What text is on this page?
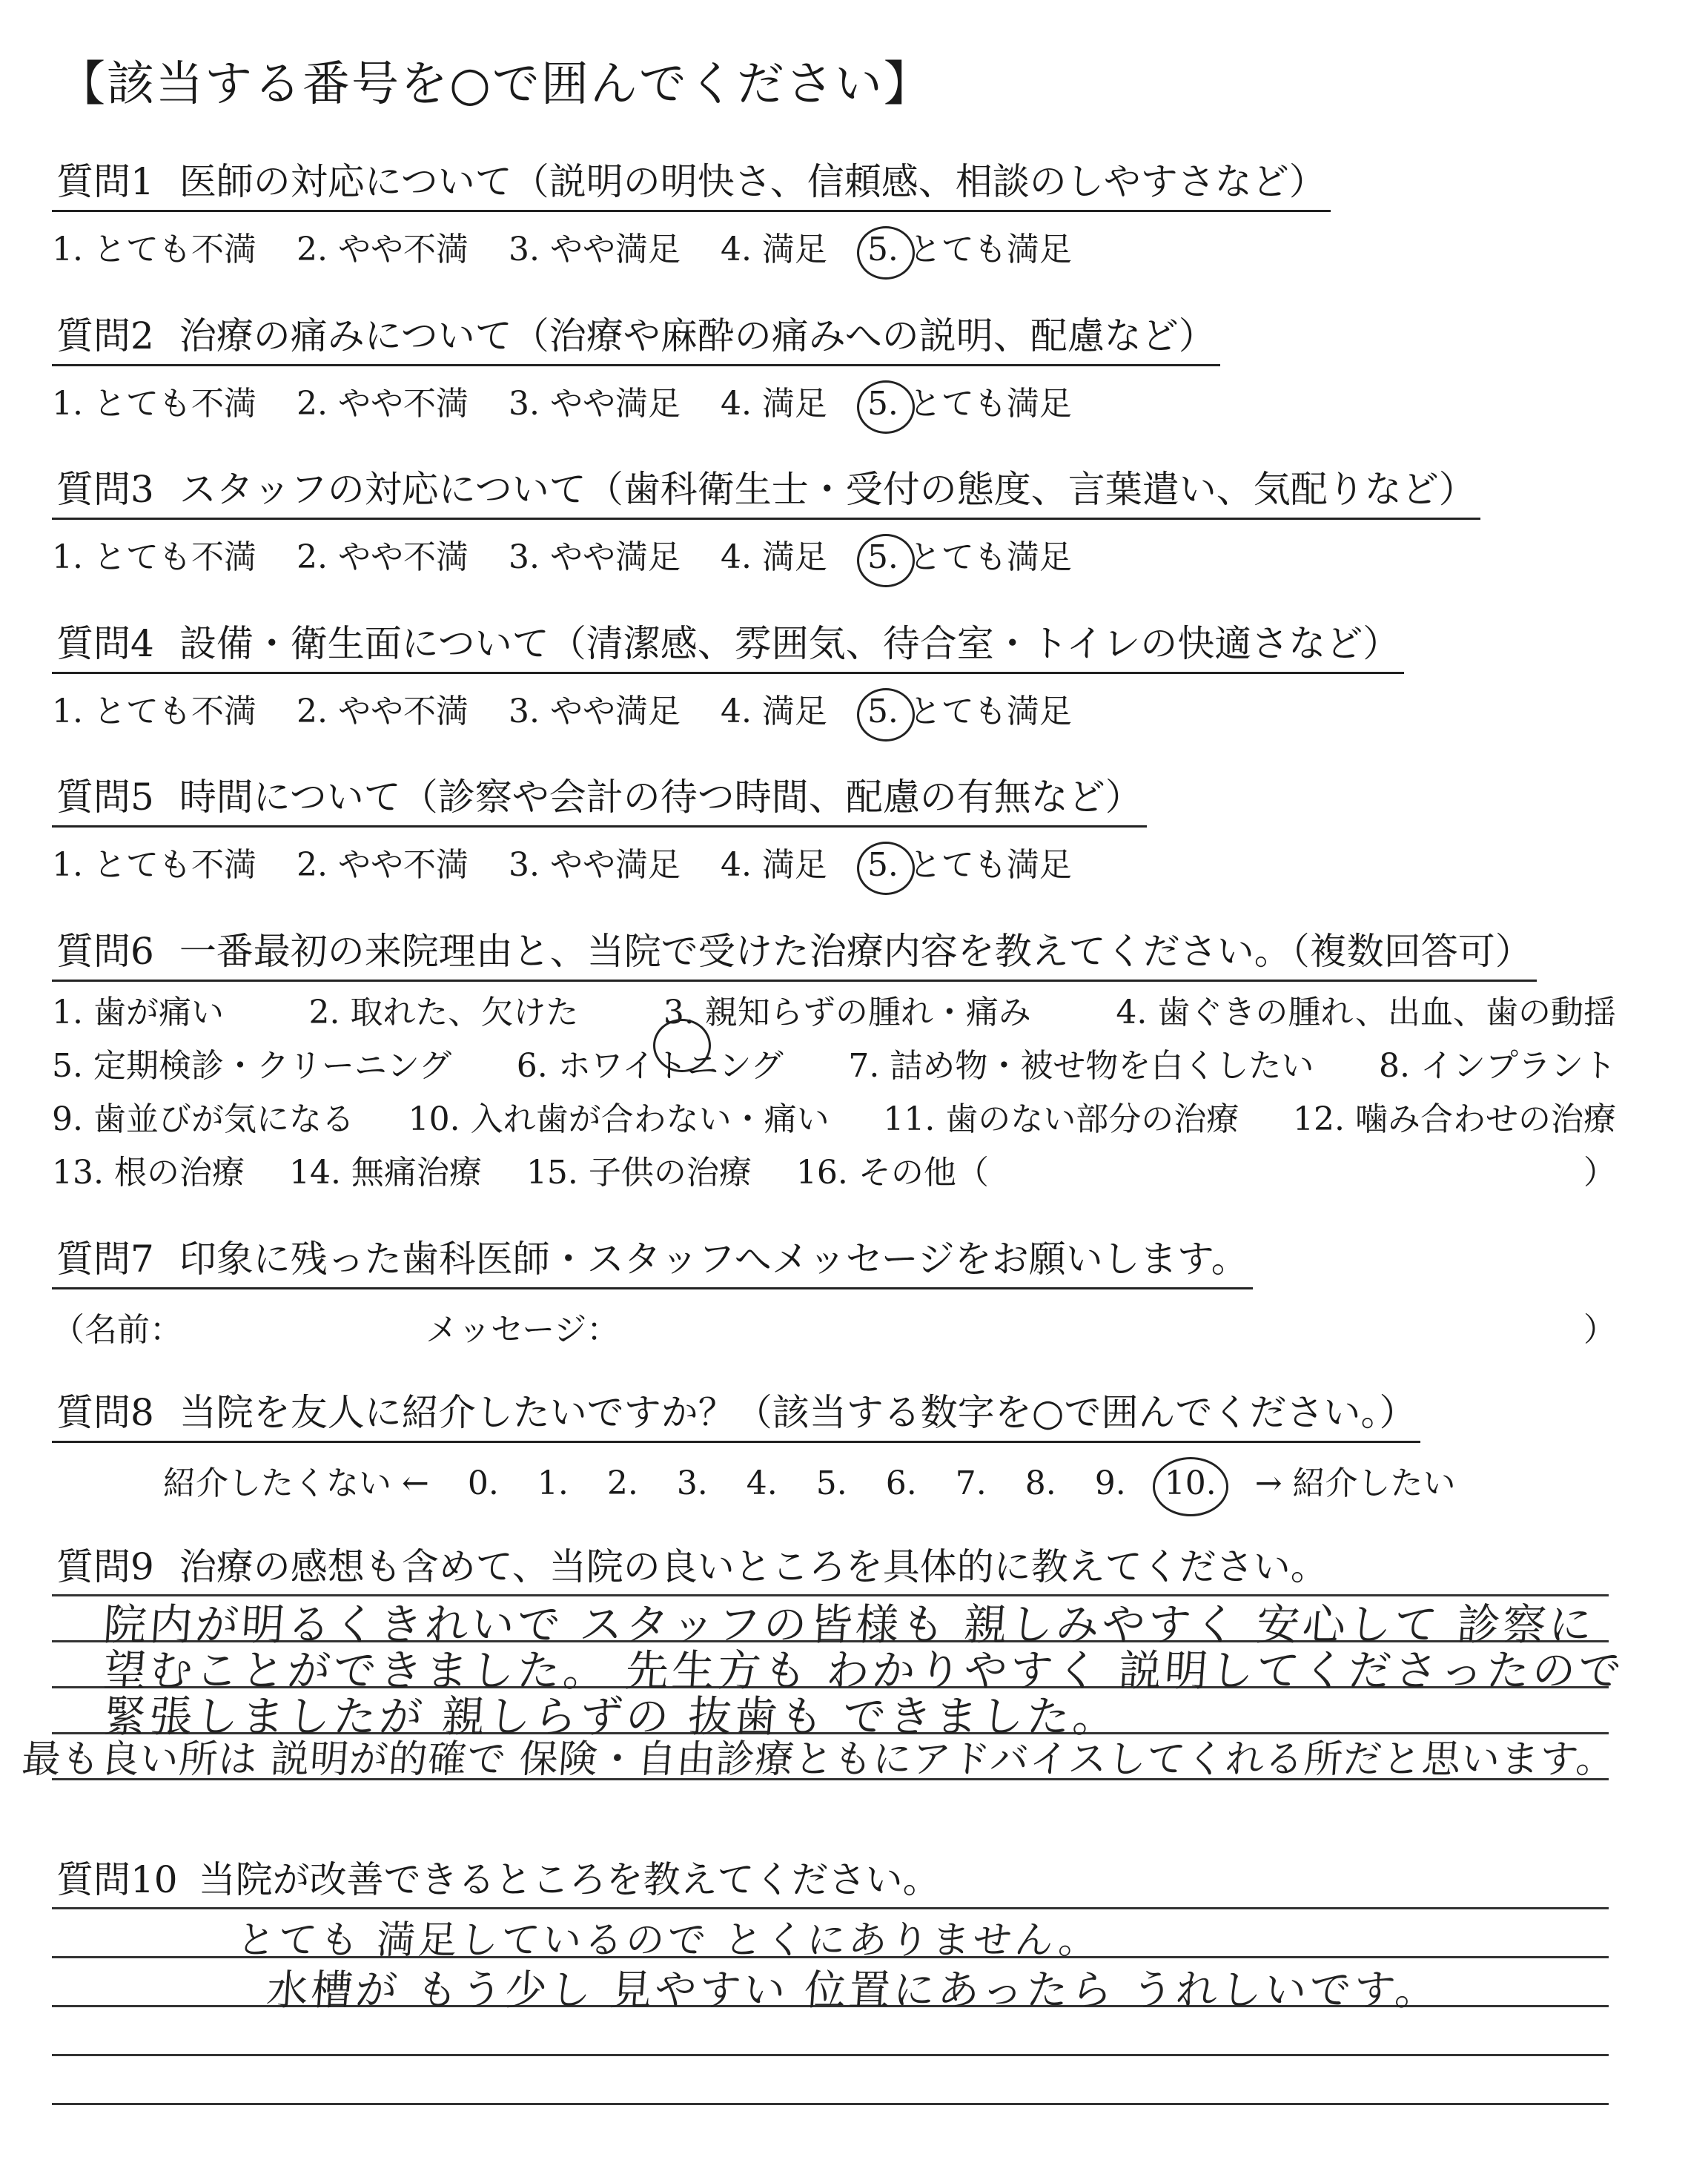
【該当する番号を○で囲んでください】
質問1 医師の対応について（説明の明快さ、信頼感、相談のしやすさなど）
1. とても不満 2. やや不満 3. やや満足 4. 満足 5. とても満足
質問2 治療の痛みについて（治療や麻酔の痛みへの説明、配慮など）
1. とても不満 2. やや不満 3. やや満足 4. 満足 5. とても満足
質問3 スタッフの対応について（歯科衛生士・受付の態度、言葉遣い、気配りなど）
1. とても不満 2. やや不満 3. やや満足 4. 満足 5. とても満足
質問4 設備・衛生面について（清潔感、雰囲気、待合室・トイレの快適さなど）
1. とても不満 2. やや不満 3. やや満足 4. 満足 5. とても満足
質問5 時間について（診察や会計の待つ時間、配慮の有無など）
1. とても不満 2. やや不満 3. やや満足 4. 満足 5. とても満足
質問6 一番最初の来院理由と、当院で受けた治療内容を教えてください。（複数回答可）
1. 歯が痛い	2. 取れた、欠けた	3. 親知らずの腫れ・痛み	4. 歯ぐきの腫れ、出血、歯の動揺
5. 定期検診・クリーニング 6. ホワイトニング 7. 詰め物・被せ物を白くしたい 8. インプラント
9. 歯並びが気になる 10. 入れ歯が合わない・痛い 11. 歯のない部分の治療 12. 噛み合わせの治療
13. 根の治療 14. 無痛治療 15. 子供の治療 16. その他（	）
質問7 印象に残った歯科医師・スタッフへメッセージをお願いします。
（名前：	メッセージ：	）
質問8 当院を友人に紹介したいですか？（該当する数字を○で囲んでください。）
紹介したくない ← 0. 1. 2. 3. 4. 5. 6. 7. 8. 9. 10. → 紹介したい
質問9 治療の感想も含めて、当院の良いところを具体的に教えてください。
院内が明るくきれいで スタッフの皆様も 親しみやすく 安心して 診察に
望むことができました。 先生方も わかりやすく 説明してくださったので
緊張しましたが 親しらずの 抜歯も できました。
最も良い所は 説明が的確で 保険・自由診療ともにアドバイスしてくれる所だと思います。
質問10 当院が改善できるところを教えてください。
とても 満足しているので とくにありません。
水槽が もう少し 見やすい 位置にあったら うれしいです。
